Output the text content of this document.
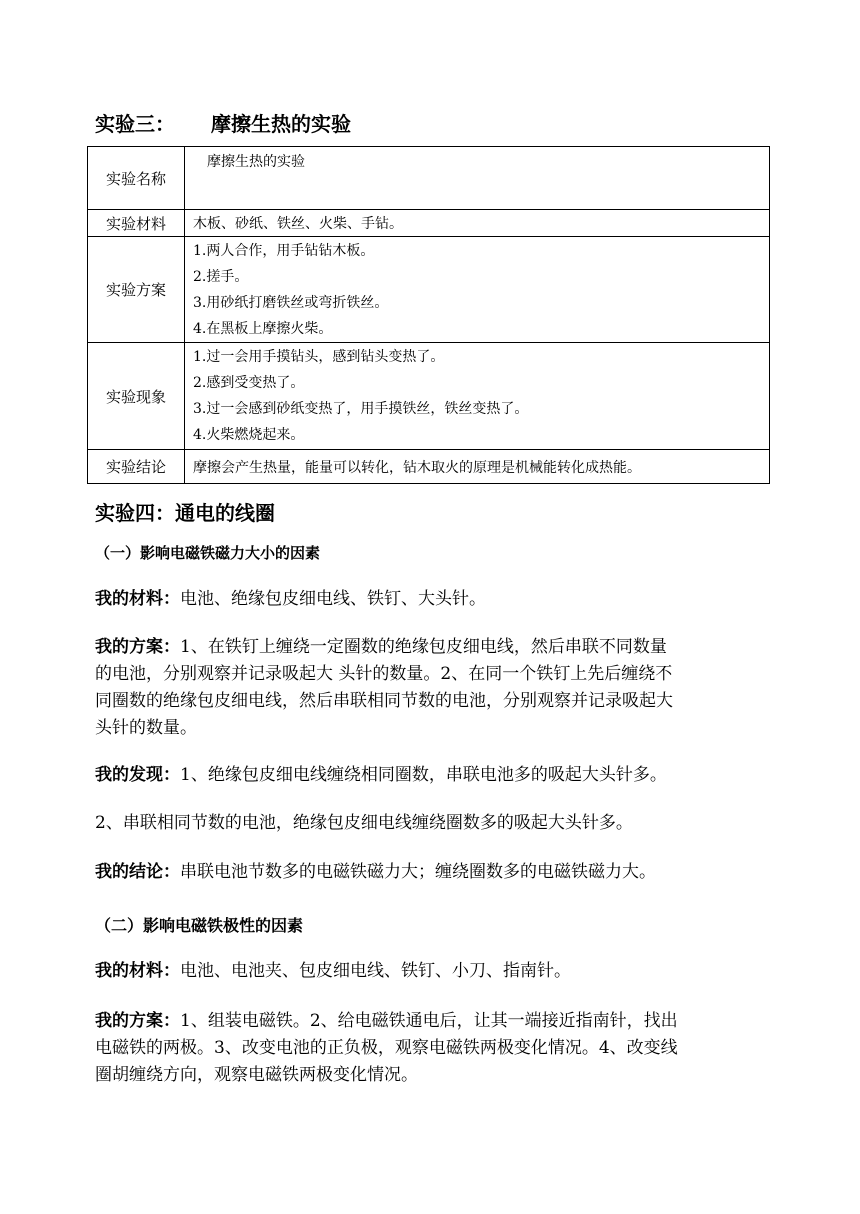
实验三： 摩擦生热的实验
实验名称	摩擦生热的实验
实验材料	木板、砂纸、铁丝、火柴、手钻。
实验方案	1.两人合作，用手钻钻木板。
2.搓手。
3.用砂纸打磨铁丝或弯折铁丝。
4.在黑板上摩擦火柴。

实验现象	1.过一会用手摸钻头，感到钻头变热了。
2.感到受变热了。
3.过一会感到砂纸变热了，用手摸铁丝，铁丝变热了。
4.火柴燃烧起来。

实验结论	摩擦会产生热量，能量可以转化，钻木取火的原理是机械能转化成热能。
实验四：通电的线圈
（一）影响电磁铁磁力大小的因素
我的材料：电池、绝缘包皮细电线、铁钉、大头针。
我的方案：1、在铁钉上缠绕一定圈数的绝缘包皮细电线，然后串联不同数量
的电池，分别观察并记录吸起大 头针的数量。2、在同一个铁钉上先后缠绕不
同圈数的绝缘包皮细电线，然后串联相同节数的电池，分别观察并记录吸起大
头针的数量。
我的发现：1、绝缘包皮细电线缠绕相同圈数，串联电池多的吸起大头针多。
2、串联相同节数的电池，绝缘包皮细电线缠绕圈数多的吸起大头针多。
我的结论：串联电池节数多的电磁铁磁力大；缠绕圈数多的电磁铁磁力大。
（二）影响电磁铁极性的因素
我的材料：电池、电池夹、包皮细电线、铁钉、小刀、指南针。
我的方案：1、组装电磁铁。2、给电磁铁通电后，让其一端接近指南针，找出
电磁铁的两极。3、改变电池的正负极，观察电磁铁两极变化情况。4、改变线
圈胡缠绕方向，观察电磁铁两极变化情况。
